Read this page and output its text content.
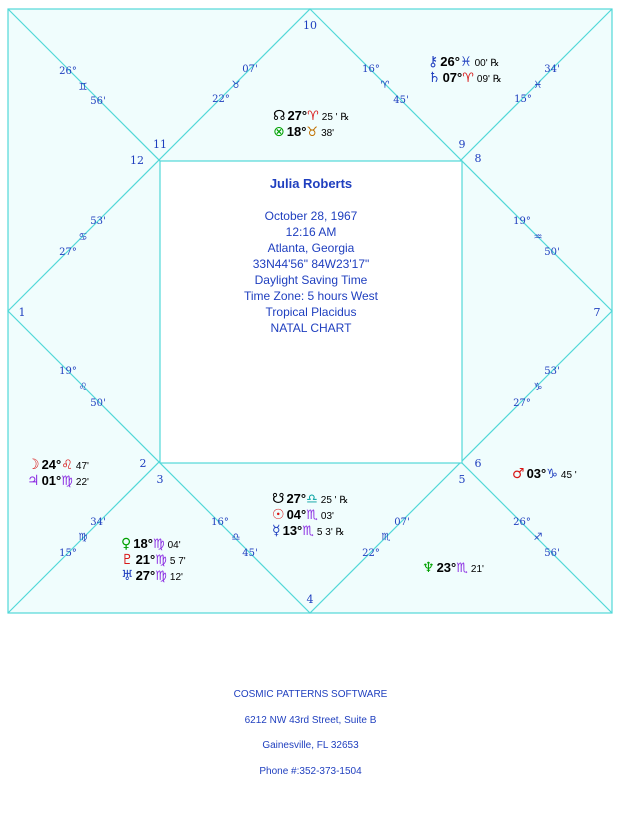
Julia Roberts
October 28, 1967
12:16 AM
Atlanta, Georgia
33N44'56" 84W23'17"
Daylight Saving Time
Time Zone: 5 hours West
Tropical Placidus
NATAL CHART
1
2
3
4
5
6
7
8
9
10
11
12
26°
♊
56'
07'
♉
22°
16°
♈
45'
34'
♓
15°
53'
♋
27°
19°
♒
50'
19°
♌
50'
53'
♑
27°
34'
♍
15°
16°
♎
45'
07'
♏
22°
26°
♐
56'
⚷ 26°♓ 00' ℞
♄ 07°♈ 09' ℞
☊ 27°♈ 25 ' ℞
⊗ 18°♉ 38'
☽ 24°♌ 47'
♃ 01°♍ 22'
☋ 27°♎ 25 ' ℞
☉ 04°♏ 03'
☿ 13°♏ 5 3' ℞
♂ 03°♑ 45 '
♀ 18°♍ 04'
♇ 21°♍ 5 7'
♅ 27°♍ 12'
♆ 23°♏ 21'
COSMIC PATTERNS SOFTWARE
6212 NW 43rd Street, Suite B
Gainesville, FL 32653
Phone #:352-373-1504
